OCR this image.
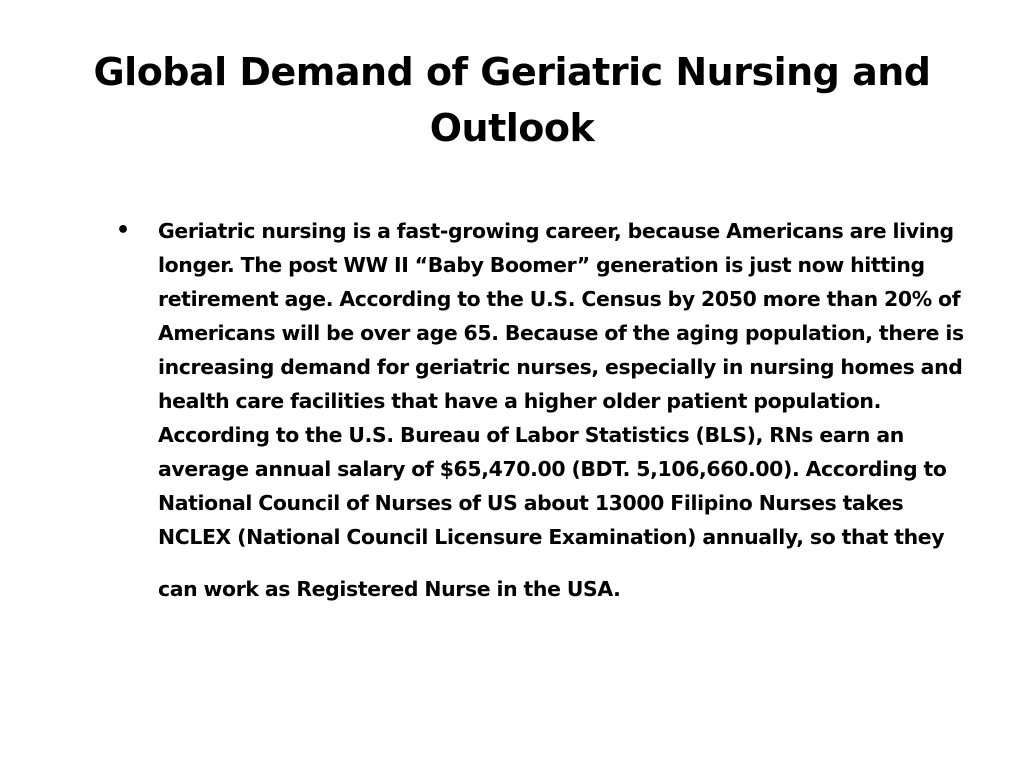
Global Demand of Geriatric Nursing and Outlook
• Geriatric nursing is a fast-growing career, because Americans are living
longer. The post WW II “Baby Boomer” generation is just now hitting
retirement age. According to the U.S. Census by 2050 more than 20% of
Americans will be over age 65. Because of the aging population, there is
increasing demand for geriatric nurses, especially in nursing homes and
health care facilities that have a higher older patient population.
According to the U.S. Bureau of Labor Statistics (BLS), RNs earn an
average annual salary of $65,470.00 (BDT. 5,106,660.00). According to
National Council of Nurses of US about 13000 Filipino Nurses takes
NCLEX (National Council Licensure Examination) annually, so that they
can work as Registered Nurse in the USA.
